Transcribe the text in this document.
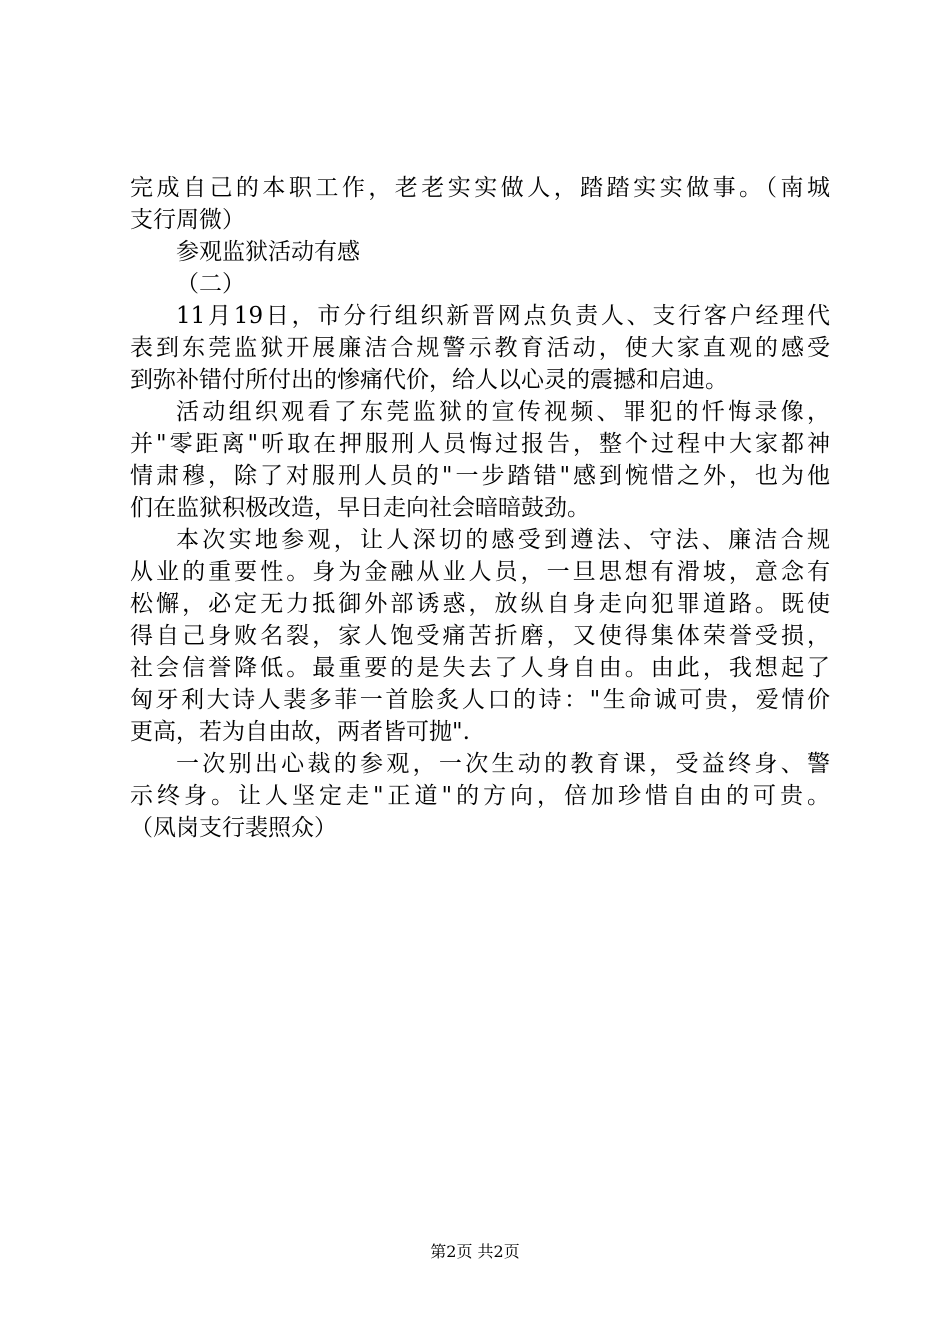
完成自己的本职工作，老老实实做人，踏踏实实做事。（南城

支行周微）

参观监狱活动有感

（二）

11月19日，市分行组织新晋网点负责人、支行客户经理代

表到东莞监狱开展廉洁合规警示教育活动，使大家直观的感受

到弥补错付所付出的惨痛代价，给人以心灵的震撼和启迪。

活动组织观看了东莞监狱的宣传视频、罪犯的忏悔录像，

并"零距离"听取在押服刑人员悔过报告，整个过程中大家都神

情肃穆，除了对服刑人员的"一步踏错"感到惋惜之外，也为他

们在监狱积极改造，早日走向社会暗暗鼓劲。

本次实地参观，让人深切的感受到遵法、守法、廉洁合规

从业的重要性。身为金融从业人员，一旦思想有滑坡，意念有

松懈，必定无力抵御外部诱惑，放纵自身走向犯罪道路。既使

得自己身败名裂，家人饱受痛苦折磨，又使得集体荣誉受损，

社会信誉降低。最重要的是失去了人身自由。由此，我想起了

匈牙利大诗人裴多菲一首脍炙人口的诗："生命诚可贵，爱情价

更高，若为自由故，两者皆可抛".

一次别出心裁的参观，一次生动的教育课，受益终身、警

示终身。让人坚定走"正道"的方向，倍加珍惜自由的可贵。

（凤岗支行裴照众）

第2页 共2页
